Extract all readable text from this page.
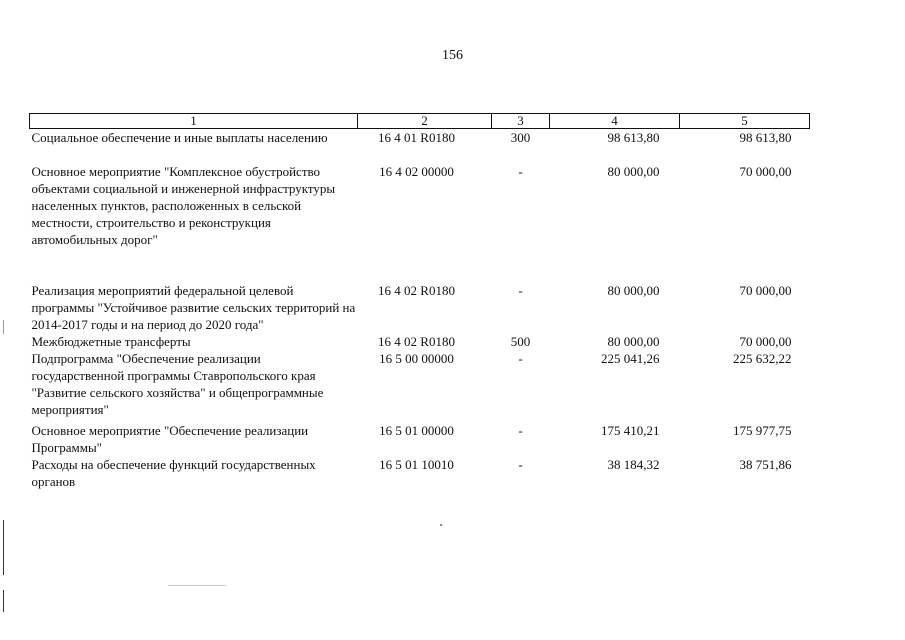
156
1	2	3	4	5
Социальное обеспечение и иные выплаты населению	16 4 01 R0180	300	98 613,80	98 613,80

Основное мероприятие "Комплексное обустройство объектами социальной и инженерной инфраструктуры населенных пунктов, расположенных в сельской местности, строительство и реконструкция автомобильных дорог"	16 4 02 00000	-	80 000,00	70 000,00

Реализация мероприятий федеральной целевой программы "Устойчивое развитие сельских территорий на 2014-2017 годы и на период до 2020 года"	16 4 02 R0180	-	80 000,00	70 000,00
Межбюджетные трансферты	16 4 02 R0180	500	80 000,00	70 000,00
Подпрограмма "Обеспечение реализации государственной программы Ставропольского края "Развитие сельского хозяйства" и общепрограммные мероприятия"	16 5 00 00000	-	225 041,26	225 632,22

Основное мероприятие "Обеспечение реализации Программы"	16 5 01 00000	-	175 410,21	175 977,75
Расходы на обеспечение функций государственных органов	16 5 01 10010	-	38 184,32	38 751,86
